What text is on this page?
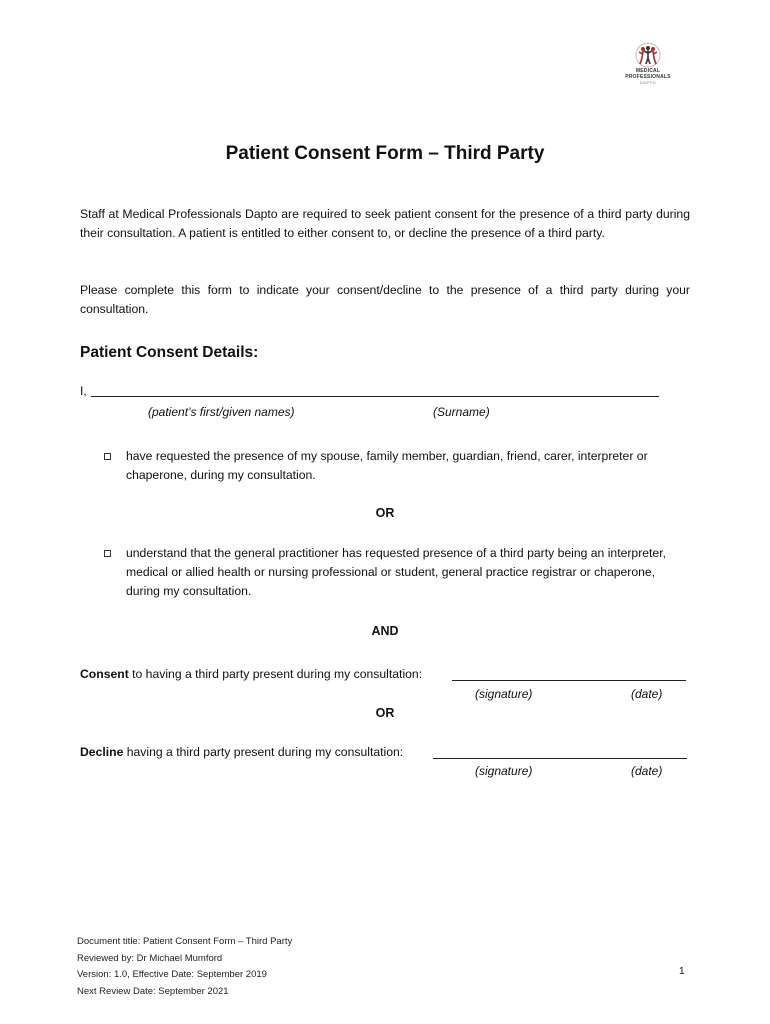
MEDICAL PROFESSIONALS
DAPTO
Patient Consent Form – Third Party
Staff at Medical Professionals Dapto are required to seek patient consent for the presence of a third party during their consultation. A patient is entitled to either consent to, or decline the presence of a third party.
Please complete this form to indicate your consent/decline to the presence of a third party during your consultation.
Patient Consent Details:
I,
(patient’s first/given names)	(Surname)
have requested the presence of my spouse, family member, guardian, friend, carer, interpreter or chaperone, during my consultation.
OR
understand that the general practitioner has requested presence of a third party being an interpreter, medical or allied health or nursing professional or student, general practice registrar or chaperone, during my consultation.
AND
Consent to having a third party present during my consultation:
(signature)	(date)
OR
Decline having a third party present during my consultation:
(signature)	(date)
Document title: Patient Consent Form – Third Party
Reviewed by: Dr Michael Mumford
Version: 1.0, Effective Date: September 2019
Next Review Date: September 2021
1
